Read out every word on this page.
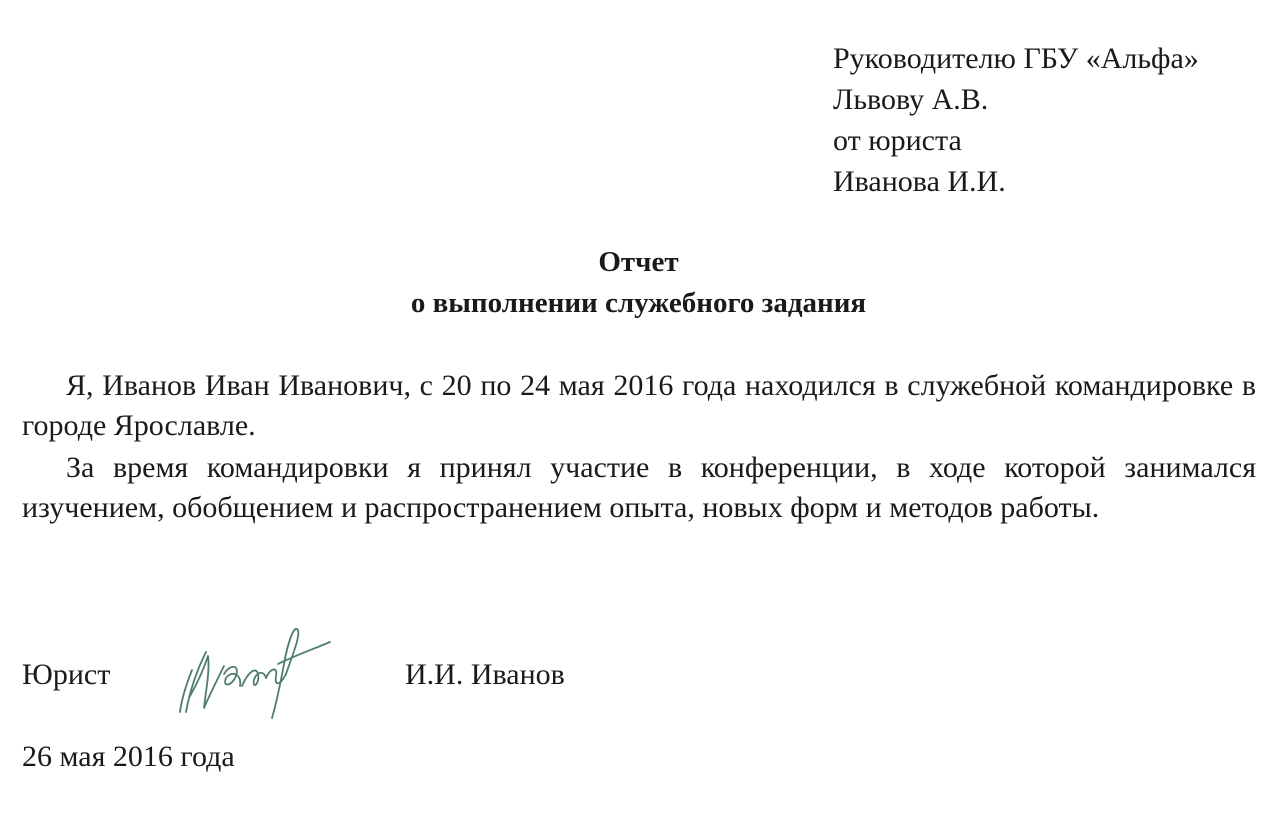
Руководителю ГБУ «Альфа»
Львову А.В.
от юриста
Иванова И.И.
Отчет
о выполнении служебного задания

Я, Иванов Иван Иванович, с 20 по 24 мая 2016 года находился в служебной командировке в городе Ярославле.

За время командировки я принял участие в конференции, в ходе которой занимался изучением, обобщением и распространением опыта, новых форм и методов работы.

Юрист	И.И. Иванов
26 мая 2016 года
